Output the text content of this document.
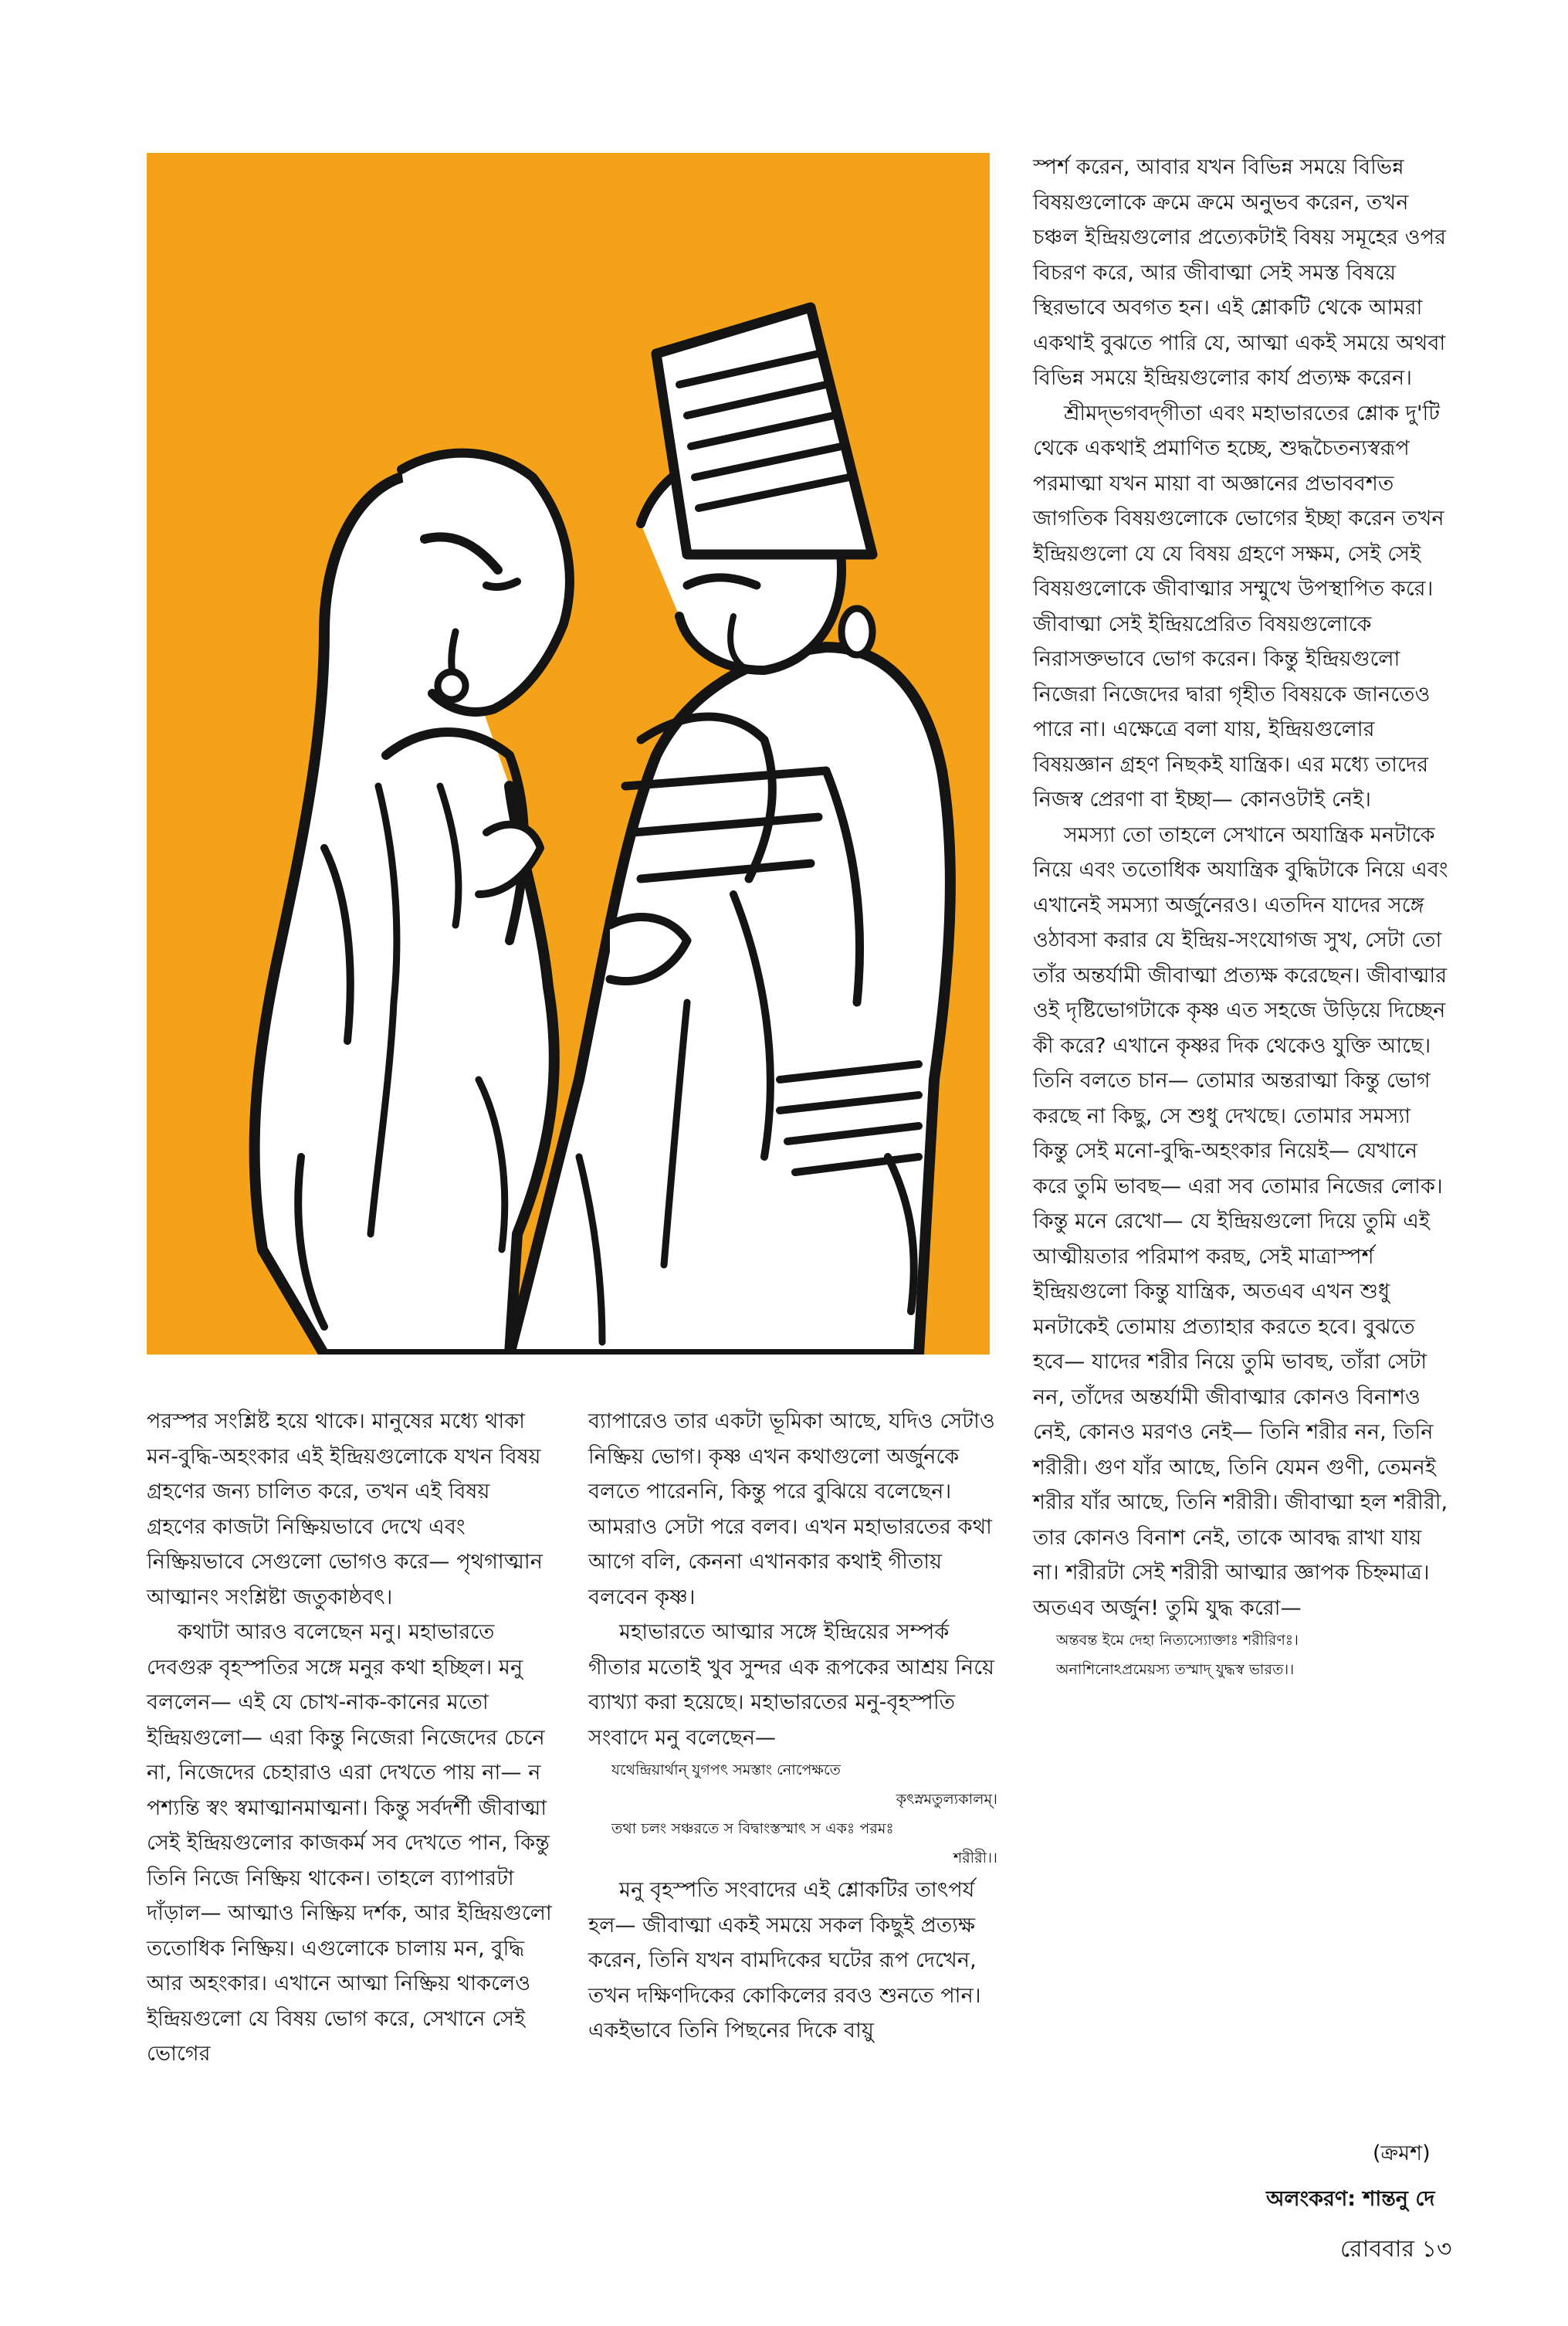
পরস্পর সংশ্লিষ্ট হয়ে থাকে। মানুষের মধ্যে থাকা মন-বুদ্ধি-অহংকার এই ইন্দ্রিয়গুলোকে যখন বিষয় গ্রহণের জন্য চালিত করে, তখন এই বিষয় গ্রহণের কাজটা নিষ্ক্রিয়ভাবে দেখে এবং নিষ্ক্রিয়ভাবে সেগুলো ভোগও করে— পৃথগাত্মান আত্মানং সংশ্লিষ্টা জতুকাষ্ঠবৎ।

কথাটা আরও বলেছেন মনু। মহাভারতে দেবগুরু বৃহস্পতির সঙ্গে মনুর কথা হচ্ছিল। মনু বললেন— এই যে চোখ-নাক-কানের মতো ইন্দ্রিয়গুলো— এরা কিন্তু নিজেরা নিজেদের চেনে না, নিজেদের চেহারাও এরা দেখতে পায় না— ন পশ্যন্তি স্বং স্বমাত্মানমাত্মনা। কিন্তু সর্বদর্শী জীবাত্মা সেই ইন্দ্রিয়গুলোর কাজকর্ম সব দেখতে পান, কিন্তু তিনি নিজে নিষ্ক্রিয় থাকেন। তাহলে ব্যাপারটা দাঁড়াল— আত্মাও নিষ্ক্রিয় দর্শক, আর ইন্দ্রিয়গুলো ততোধিক নিষ্ক্রিয়। এগুলোকে চালায় মন, বুদ্ধি আর অহংকার। এখানে আত্মা নিষ্ক্রিয় থাকলেও ইন্দ্রিয়গুলো যে বিষয় ভোগ করে, সেখানে সেই ভোগের

ব্যাপারেও তার একটা ভূমিকা আছে, যদিও সেটাও নিষ্ক্রিয় ভোগ। কৃষ্ণ এখন কথাগুলো অর্জুনকে বলতে পারেননি, কিন্তু পরে বুঝিয়ে বলেছেন। আমরাও সেটা পরে বলব। এখন মহাভারতের কথা আগে বলি, কেননা এখানকার কথাই গীতায় বলবেন কৃষ্ণ।

মহাভারতে আত্মার সঙ্গে ইন্দ্রিয়ের সম্পর্ক গীতার মতোই খুব সুন্দর এক রূপকের আশ্রয় নিয়ে ব্যাখ্যা করা হয়েছে। মহাভারতের মনু-বৃহস্পতি সংবাদে মনু বলেছেন—

যথেন্দ্রিয়ার্থান্ যুগপৎ সমস্তাং নোপেক্ষতে

কৃৎস্নমতুল্যকালম্।

তথা চলং সঞ্চরতে স বিদ্বাংস্তস্মাৎ স একঃ পরমঃ

শরীরী।।

মনু বৃহস্পতি সংবাদের এই শ্লোকটির তাৎপর্য হল— জীবাত্মা একই সময়ে সকল কিছুই প্রত্যক্ষ করেন, তিনি যখন বামদিকের ঘটের রূপ দেখেন, তখন দক্ষিণদিকের কোকিলের রবও শুনতে পান। একইভাবে তিনি পিছনের দিকে বায়ু

স্পর্শ করেন, আবার যখন বিভিন্ন সময়ে বিভিন্ন বিষয়গুলোকে ক্রমে ক্রমে অনুভব করেন, তখন চঞ্চল ইন্দ্রিয়গুলোর প্রত্যেকটাই বিষয় সমূহের ওপর বিচরণ করে, আর জীবাত্মা সেই সমস্ত বিষয়ে স্থিরভাবে অবগত হন। এই শ্লোকটি থেকে আমরা একথাই বুঝতে পারি যে, আত্মা একই সময়ে অথবা বিভিন্ন সময়ে ইন্দ্রিয়গুলোর কার্য প্রত্যক্ষ করেন।

শ্রীমদ্‌ভগবদ্‌গীতা এবং মহাভারতের শ্লোক দু'টি থেকে একথাই প্রমাণিত হচ্ছে, শুদ্ধচৈতন্যস্বরূপ পরমাত্মা যখন মায়া বা অজ্ঞানের প্রভাববশত জাগতিক বিষয়গুলোকে ভোগের ইচ্ছা করেন তখন ইন্দ্রিয়গুলো যে যে বিষয় গ্রহণে সক্ষম, সেই সেই বিষয়গুলোকে জীবাত্মার সম্মুখে উপস্থাপিত করে। জীবাত্মা সেই ইন্দ্রিয়প্রেরিত বিষয়গুলোকে নিরাসক্তভাবে ভোগ করেন। কিন্তু ইন্দ্রিয়গুলো নিজেরা নিজেদের দ্বারা গৃহীত বিষয়কে জানতেও পারে না। এক্ষেত্রে বলা যায়, ইন্দ্রিয়গুলোর বিষয়জ্ঞান গ্রহণ নিছকই যান্ত্রিক। এর মধ্যে তাদের নিজস্ব প্রেরণা বা ইচ্ছা— কোনওটাই নেই।

সমস্যা তো তাহলে সেখানে অযান্ত্রিক মনটাকে নিয়ে এবং ততোধিক অযান্ত্রিক বুদ্ধিটাকে নিয়ে এবং এখানেই সমস্যা অর্জুনেরও। এতদিন যাদের সঙ্গে ওঠাবসা করার যে ইন্দ্রিয়-সংযোগজ সুখ, সেটা তো তাঁর অন্তর্যামী জীবাত্মা প্রত্যক্ষ করেছেন। জীবাত্মার ওই দৃষ্টিভোগটাকে কৃষ্ণ এত সহজে উড়িয়ে দিচ্ছেন কী করে? এখানে কৃষ্ণর দিক থেকেও যুক্তি আছে। তিনি বলতে চান— তোমার অন্তরাত্মা কিন্তু ভোগ করছে না কিছু, সে শুধু দেখছে। তোমার সমস্যা কিন্তু সেই মনো-বুদ্ধি-অহংকার নিয়েই— যেখানে করে তুমি ভাবছ— এরা সব তোমার নিজের লোক। কিন্তু মনে রেখো— যে ইন্দ্রিয়গুলো দিয়ে তুমি এই আত্মীয়তার পরিমাপ করছ, সেই মাত্রাস্পর্শ ইন্দ্রিয়গুলো কিন্তু যান্ত্রিক, অতএব এখন শুধু মনটাকেই তোমায় প্রত্যাহার করতে হবে। বুঝতে হবে— যাদের শরীর নিয়ে তুমি ভাবছ, তাঁরা সেটা নন, তাঁদের অন্তর্যামী জীবাত্মার কোনও বিনাশও নেই, কোনও মরণও নেই— তিনি শরীর নন, তিনি শরীরী। গুণ যাঁর আছে, তিনি যেমন গুণী, তেমনই শরীর যাঁর আছে, তিনি শরীরী। জীবাত্মা হল শরীরী, তার কোনও বিনাশ নেই, তাকে আবদ্ধ রাখা যায় না। শরীরটা সেই শরীরী আত্মার জ্ঞাপক চিহ্নমাত্র। অতএব অর্জুন! তুমি যুদ্ধ করো—

অন্তবন্ত ইমে দেহা নিত্যস্যোক্তাঃ শরীরিণঃ।

অনাশিনোঽপ্রমেয়স্য তস্মাদ্ যুদ্ধস্ব ভারত।।

(ক্রমশ)
অলংকরণ: শান্তনু দে
রোববার ১৩
